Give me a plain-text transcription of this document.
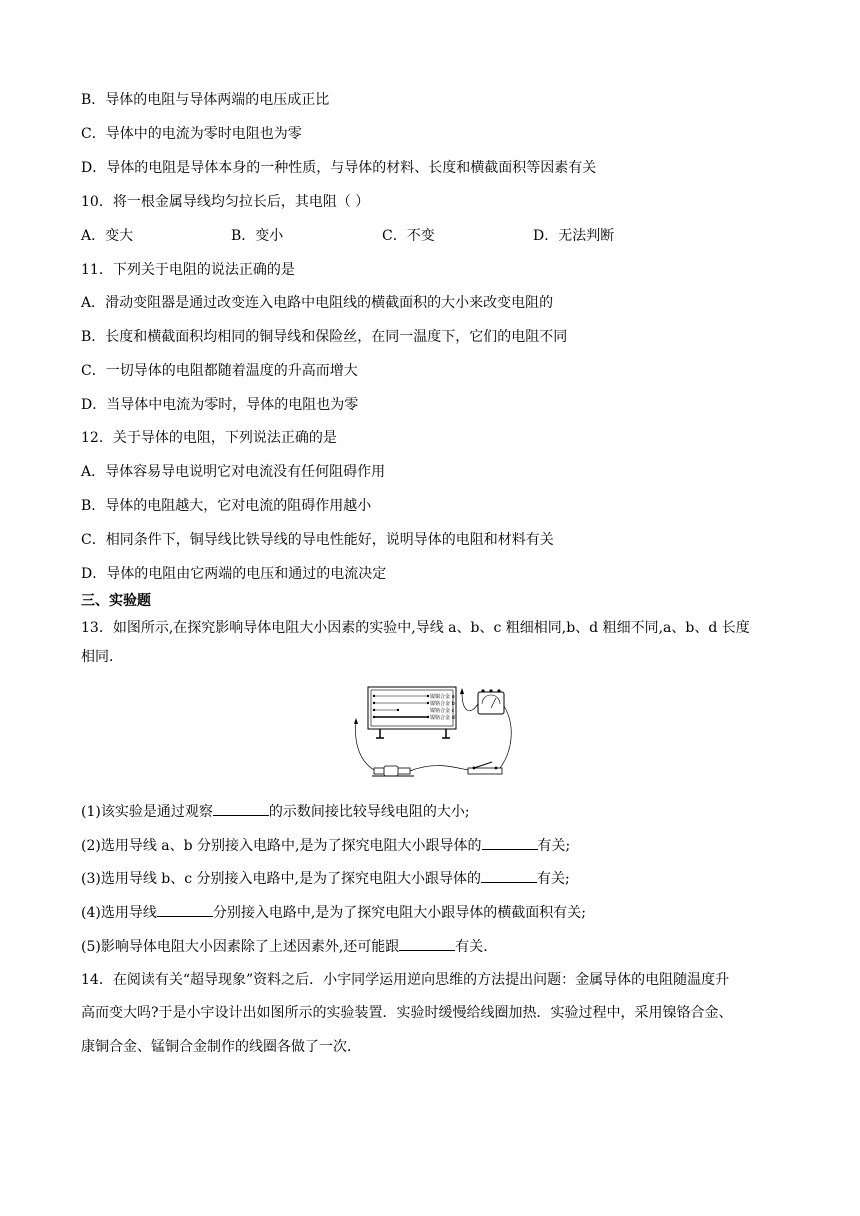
B．导体的电阻与导体两端的电压成正比
C．导体中的电流为零时电阻也为零
D．导体的电阻是导体本身的一种性质，与导体的材料、长度和横截面积等因素有关
10．将一根金属导线均匀拉长后，其电阻（ ）
A．变大	B．变小	C．不变	D．无法判断
11．下列关于电阻的说法正确的是
A．滑动变阻器是通过改变连入电路中电阻线的横截面积的大小来改变电阻的
B．长度和横截面积均相同的铜导线和保险丝，在同一温度下，它们的电阻不同
C．一切导体的电阻都随着温度的升高而增大
D．当导体中电流为零时，导体的电阻也为零
12．关于导体的电阻，下列说法正确的是
A．导体容易导电说明它对电流没有任何阻碍作用
B．导体的电阻越大，它对电流的阻碍作用越小
C．相同条件下，铜导线比铁导线的导电性能好，说明导体的电阻和材料有关
D．导体的电阻由它两端的电压和通过的电流决定
三、实验题
13．如图所示,在探究影响导体电阻大小因素的实验中,导线 a、b、c 粗细相同,b、d 粗细不同,a、b、d 长度
相同．
镍铜合金 a
镍铬合金 b
镍铬合金 c
镍铬合金 d
(1)该实验是通过观察	的示数间接比较导线电阻的大小;
(2)选用导线 a、b 分别接入电路中,是为了探究电阻大小跟导体的	有关;
(3)选用导线 b、c 分别接入电路中,是为了探究电阻大小跟导体的	有关;
(4)选用导线	分别接入电路中,是为了探究电阻大小跟导体的横截面积有关;
(5)影响导体电阻大小因素除了上述因素外,还可能跟	有关．
14．在阅读有关“超导现象”资料之后．小宇同学运用逆向思维的方法提出问题：金属导体的电阻随温度升
高而变大吗?于是小宇设计出如图所示的实验装置．实验时缓慢给线圈加热．实验过程中，采用镍铬合金、
康铜合金、锰铜合金制作的线圈各做了一次．
